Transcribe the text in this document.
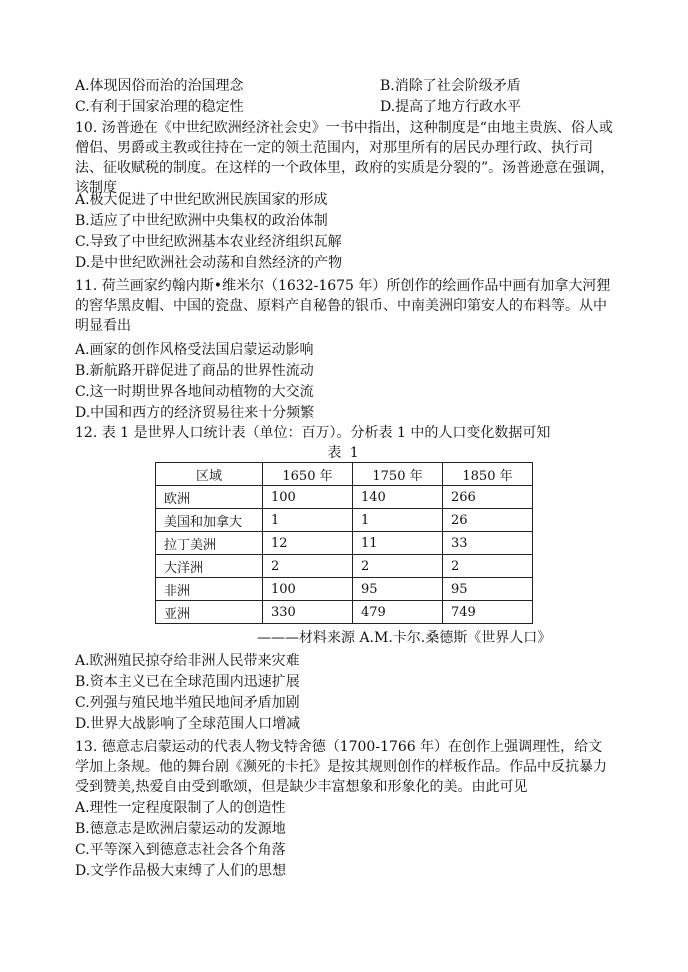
A.体现因俗而治的治国理念	B.消除了社会阶级矛盾
C.有利于国家治理的稳定性	D.提高了地方行政水平
10. 汤普逊在《中世纪欧洲经济社会史》一书中指出，这种制度是“由地主贵族、俗人或僧侣、男爵或主教或往持在一定的领土范围内，对那里所有的居民办理行政、执行司法、征收赋税的制度。在这样的一个政体里，政府的实质是分裂的”。汤普逊意在强调，该制度
A.极大促进了中世纪欧洲民族国家的形成
B.适应了中世纪欧洲中央集权的政治体制
C.导致了中世纪欧洲基本农业经济组织瓦解
D.是中世纪欧洲社会动荡和自然经济的产物
11. 荷兰画家约翰内斯•维米尔（1632-1675 年）所创作的绘画作品中画有加拿大河狸的窖华黑皮帽、中国的瓷盘、原料产自秘鲁的银币、中南美洲印第安人的布料等。从中明显看出
A.画家的创作风格受法国启蒙运动影响
B.新航路开辟促进了商品的世界性流动
C.这一时期世界各地间动植物的大交流
D.中国和西方的经济贸易往来十分频繁
12. 表 1 是世界人口统计表（单位：百万）。分析表 1 中的人口变化数据可知
表 1
区域	1650 年	1750 年	1850 年
欧洲	100	140	266
美国和加拿大	1	1	26
拉丁美洲	12	11	33
大洋洲	2	2	2
非洲	100	95	95
亚洲	330	479	749
———材料来源 A.M.卡尔.桑德斯《世界人口》
A.欧洲殖民掠夺给非洲人民带来灾难
B.资本主义已在全球范围内迅速扩展
C.列强与殖民地半殖民地间矛盾加剧
D.世界大战影响了全球范围人口增减
13. 德意志启蒙运动的代表人物戈特舍德（1700-1766 年）在创作上强调理性，给文学加上条规。他的舞台剧《濒死的卡托》是按其规则创作的样板作品。作品中反抗暴力受到赞美,热爱自由受到歌颂，但是缺少丰富想象和形象化的美。由此可见
A.理性一定程度限制了人的创造性
B.德意志是欧洲启蒙运动的发源地
C.平等深入到德意志社会各个角落
D.文学作品极大束缚了人们的思想
